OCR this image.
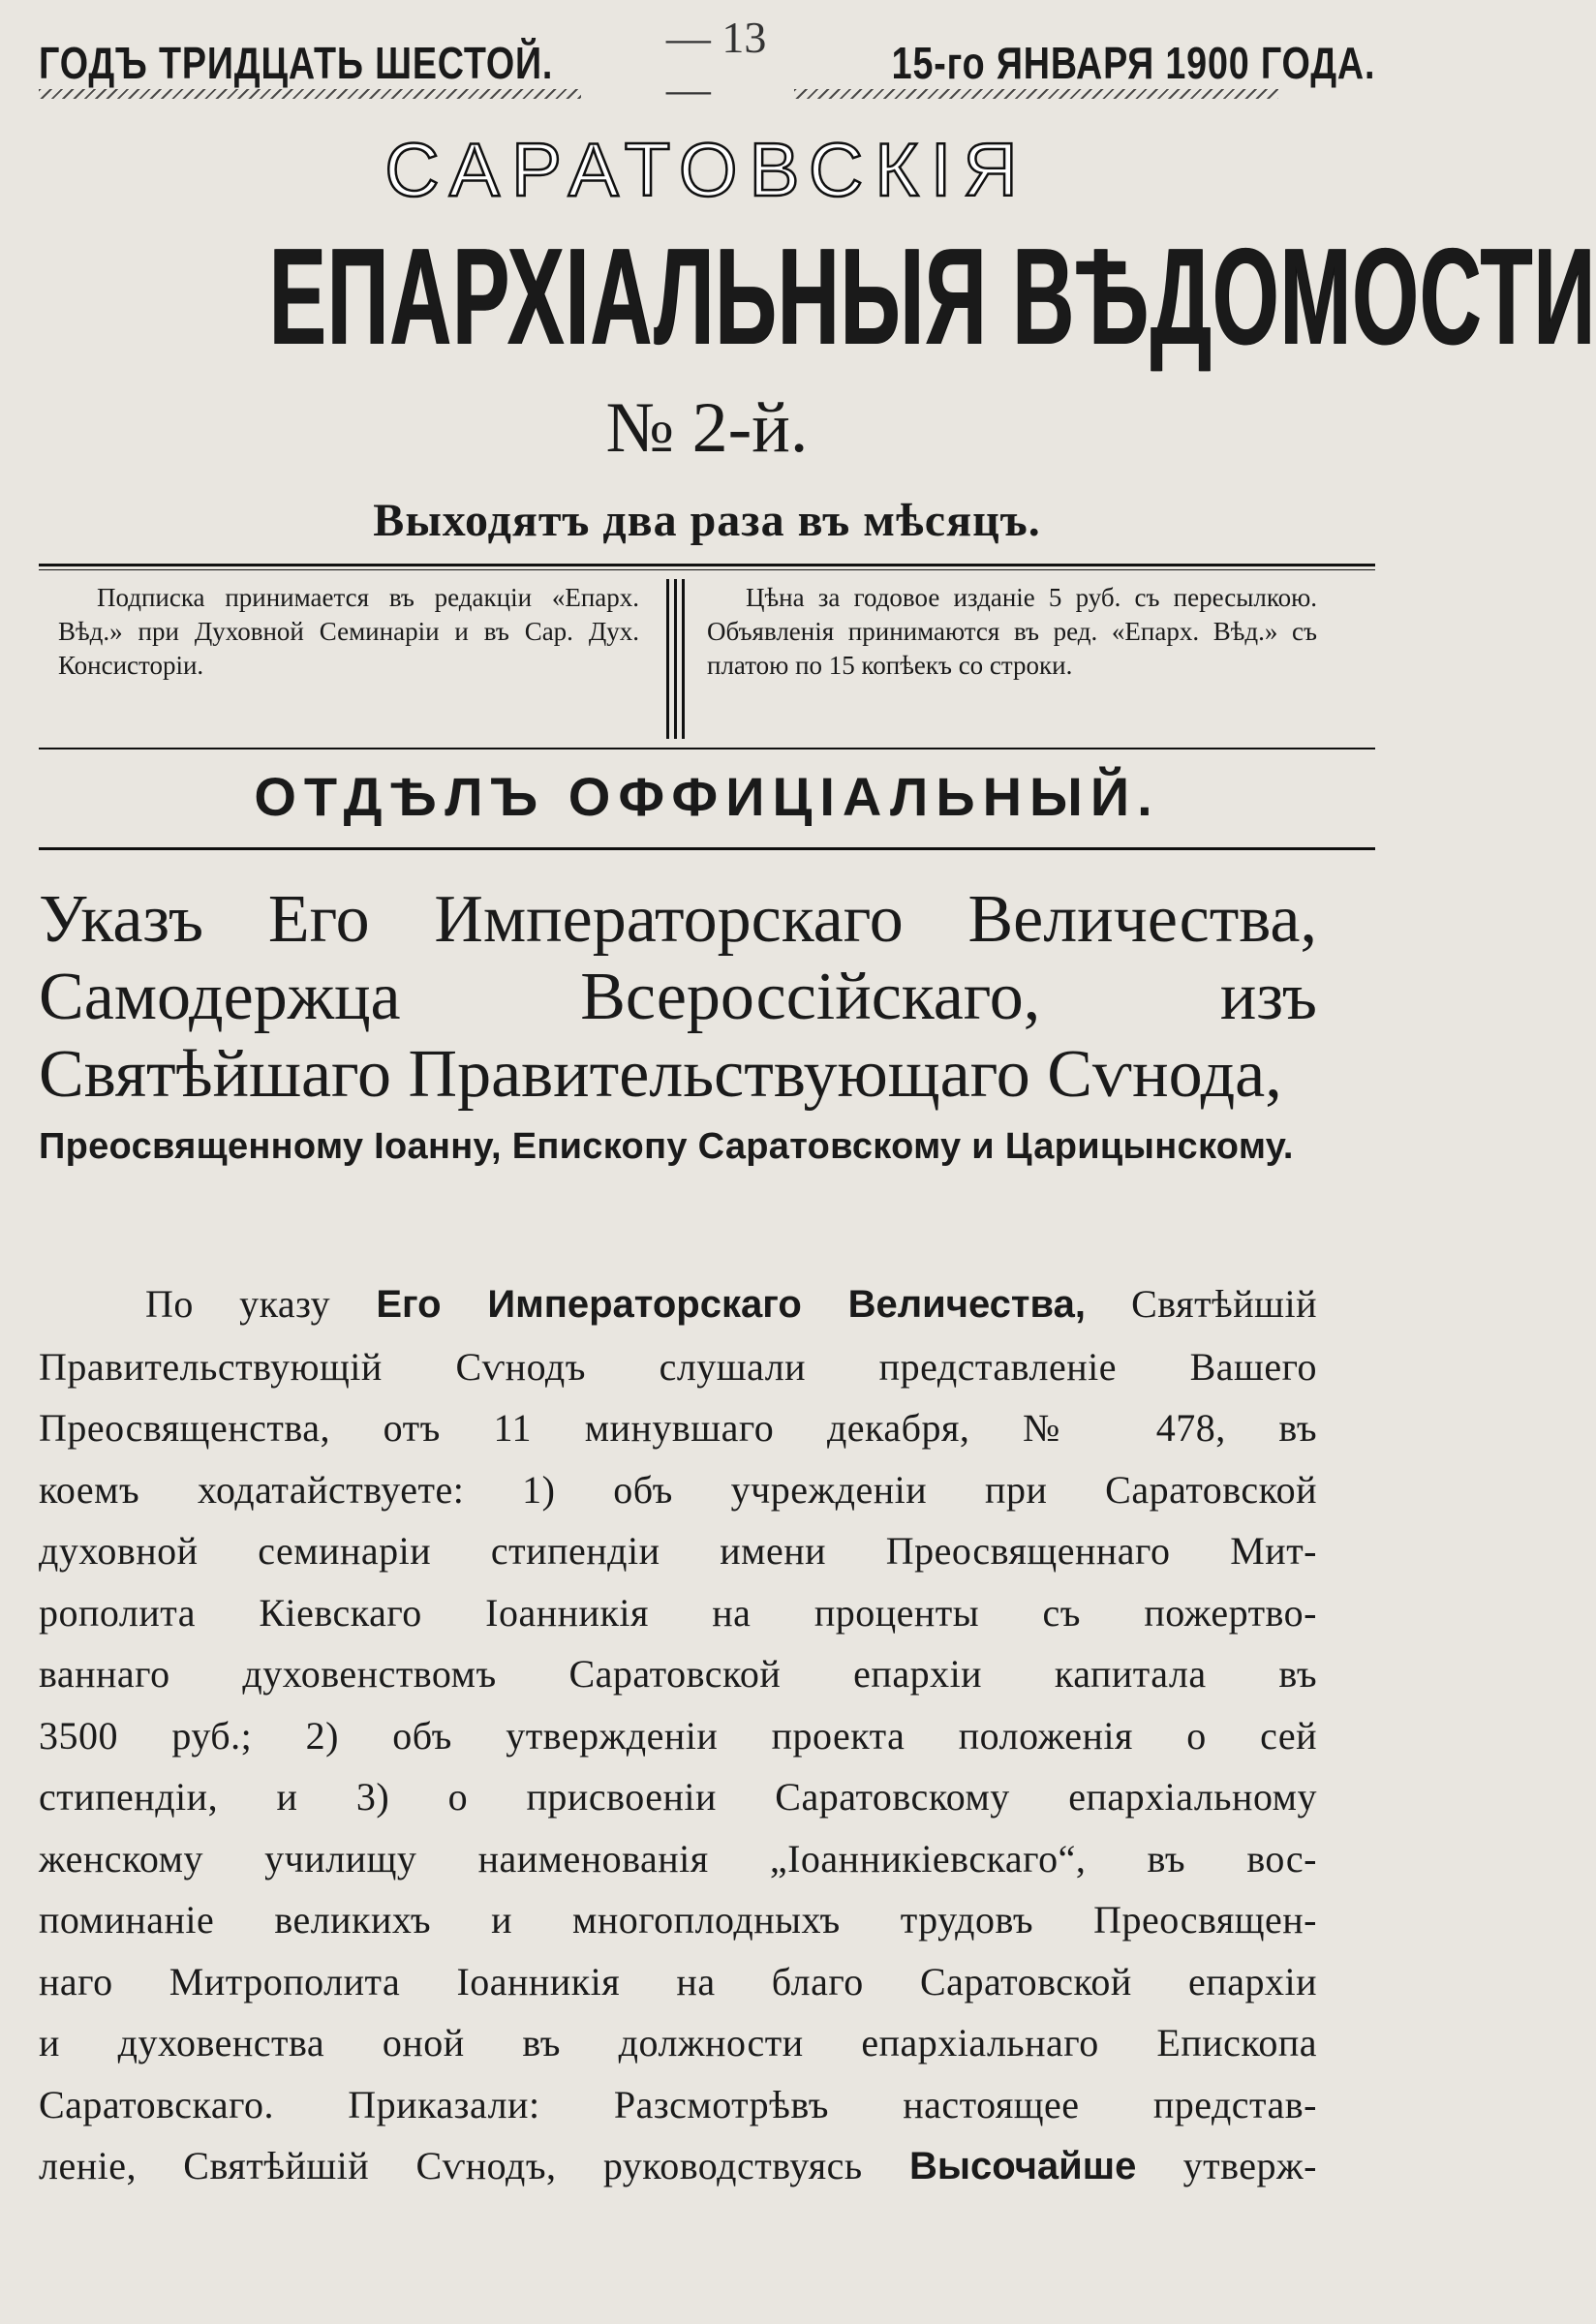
ГОДЪ ТРИДЦАТЬ ШЕСТОЙ.
— 13 —
15-го ЯНВАРЯ 1900 ГОДА.
САРАТОВСКІЯ
ЕПАРХІАЛЬНЫЯ ВѢДОМОСТИ
№ 2-й.
Выходятъ два раза въ мѣсяцъ.
Подписка принимается въ редакціи «Епарх. Вѣд.» при Духовной Семинаріи и въ Сар. Дух. Консисторіи.
Цѣна за годовое изданіе 5 руб. съ пересылкою. Объявленія принимаются въ ред. «Епарх. Вѣд.» съ платою по 15 копѣекъ со строки.
ОТДѢЛЪ ОФФИЦІАЛЬНЫЙ.
Указъ Его Императорскаго Величества, Самодержца Всероссійскаго, изъ Святѣйшаго Правительствующаго Сѵнода,
Преосвященному Іоанну, Епископу Саратовскому и Царицынскому.
По указу Его Императорскаго Величества, Святѣйшій
Правительствующій Сѵнодъ слушали представленіе Вашего
Преосвященства, отъ 11 минувшаго декабря, № 478, въ
коемъ ходатайствуете: 1) объ учрежденіи при Саратовской
духовной семинаріи стипендіи имени Преосвященнаго Мит-
рополита Кіевскаго Іоанникія на проценты съ пожертво-
ваннаго духовенствомъ Саратовской епархіи капитала въ
3500 руб.; 2) объ утвержденіи проекта положенія о сей
стипендіи, и 3) о присвоеніи Саратовскому епархіальному
женскому училищу наименованія „Іоанникіевскаго“, въ вос-
поминаніе великихъ и многоплодныхъ трудовъ Преосвящен-
наго Митрополита Іоанникія на благо Саратовской епархіи
и духовенства оной въ должности епархіальнаго Епископа
Саратовскаго. Приказали: Разсмотрѣвъ настоящее представ-
леніе, Святѣйшій Сѵнодъ, руководствуясь Высочайше утверж-
